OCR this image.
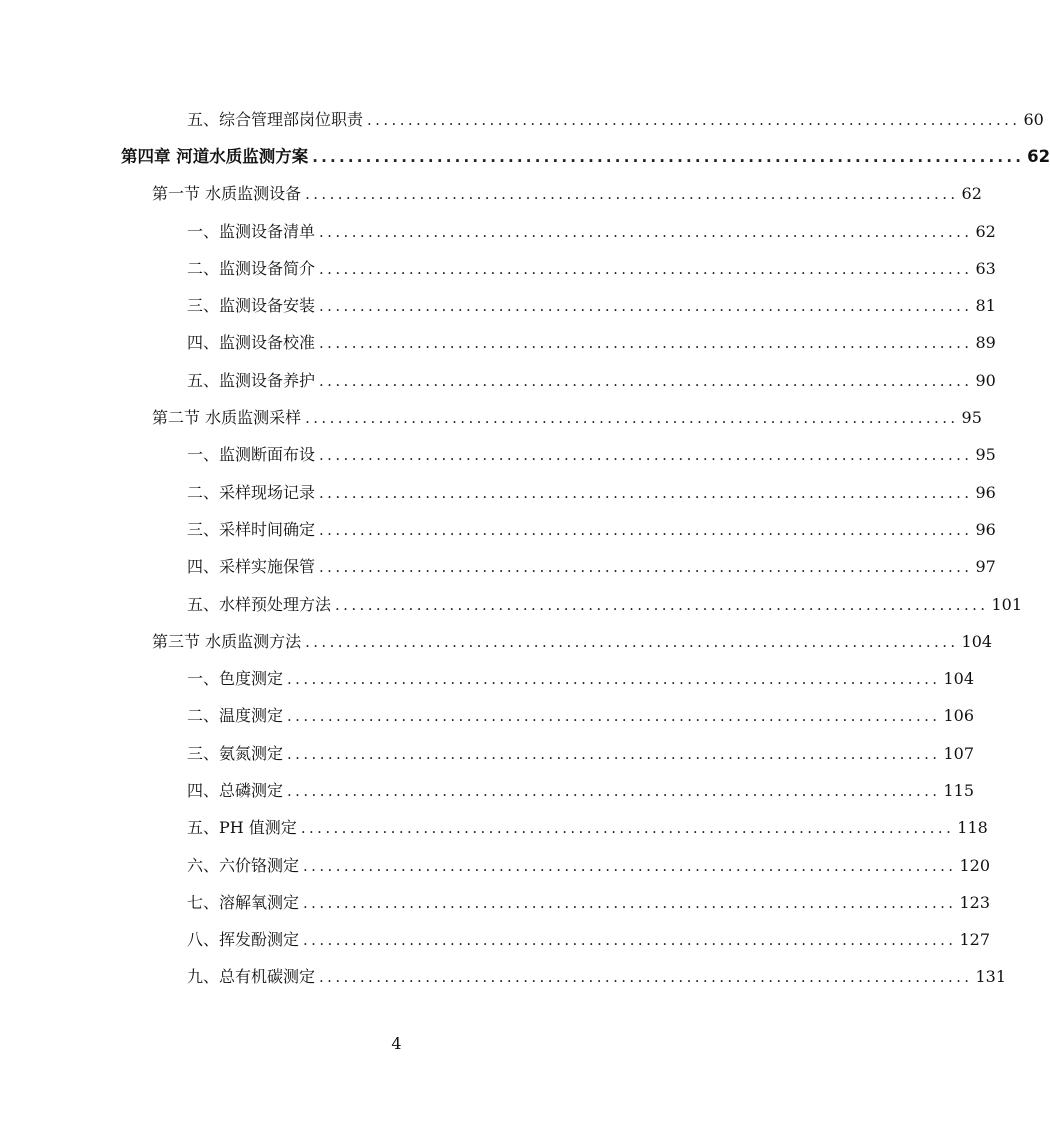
五、综合管理部岗位职责 ................................................................................ 60
第四章 河道水质监测方案 ................................................................................ 62
第一节 水质监测设备 ................................................................................ 62
一、监测设备清单 ................................................................................ 62
二、监测设备简介 ................................................................................ 63
三、监测设备安装 ................................................................................ 81
四、监测设备校准 ................................................................................ 89
五、监测设备养护 ................................................................................ 90
第二节 水质监测采样 ................................................................................ 95
一、监测断面布设 ................................................................................ 95
二、采样现场记录 ................................................................................ 96
三、采样时间确定 ................................................................................ 96
四、采样实施保管 ................................................................................ 97
五、水样预处理方法 ................................................................................ 101
第三节 水质监测方法 ................................................................................ 104
一、色度测定 ................................................................................ 104
二、温度测定 ................................................................................ 106
三、氨氮测定 ................................................................................ 107
四、总磷测定 ................................................................................ 115
五、PH 值测定 ................................................................................ 118
六、六价铬测定 ................................................................................ 120
七、溶解氧测定 ................................................................................ 123
八、挥发酚测定 ................................................................................ 127
九、总有机碳测定 ................................................................................ 131
4
